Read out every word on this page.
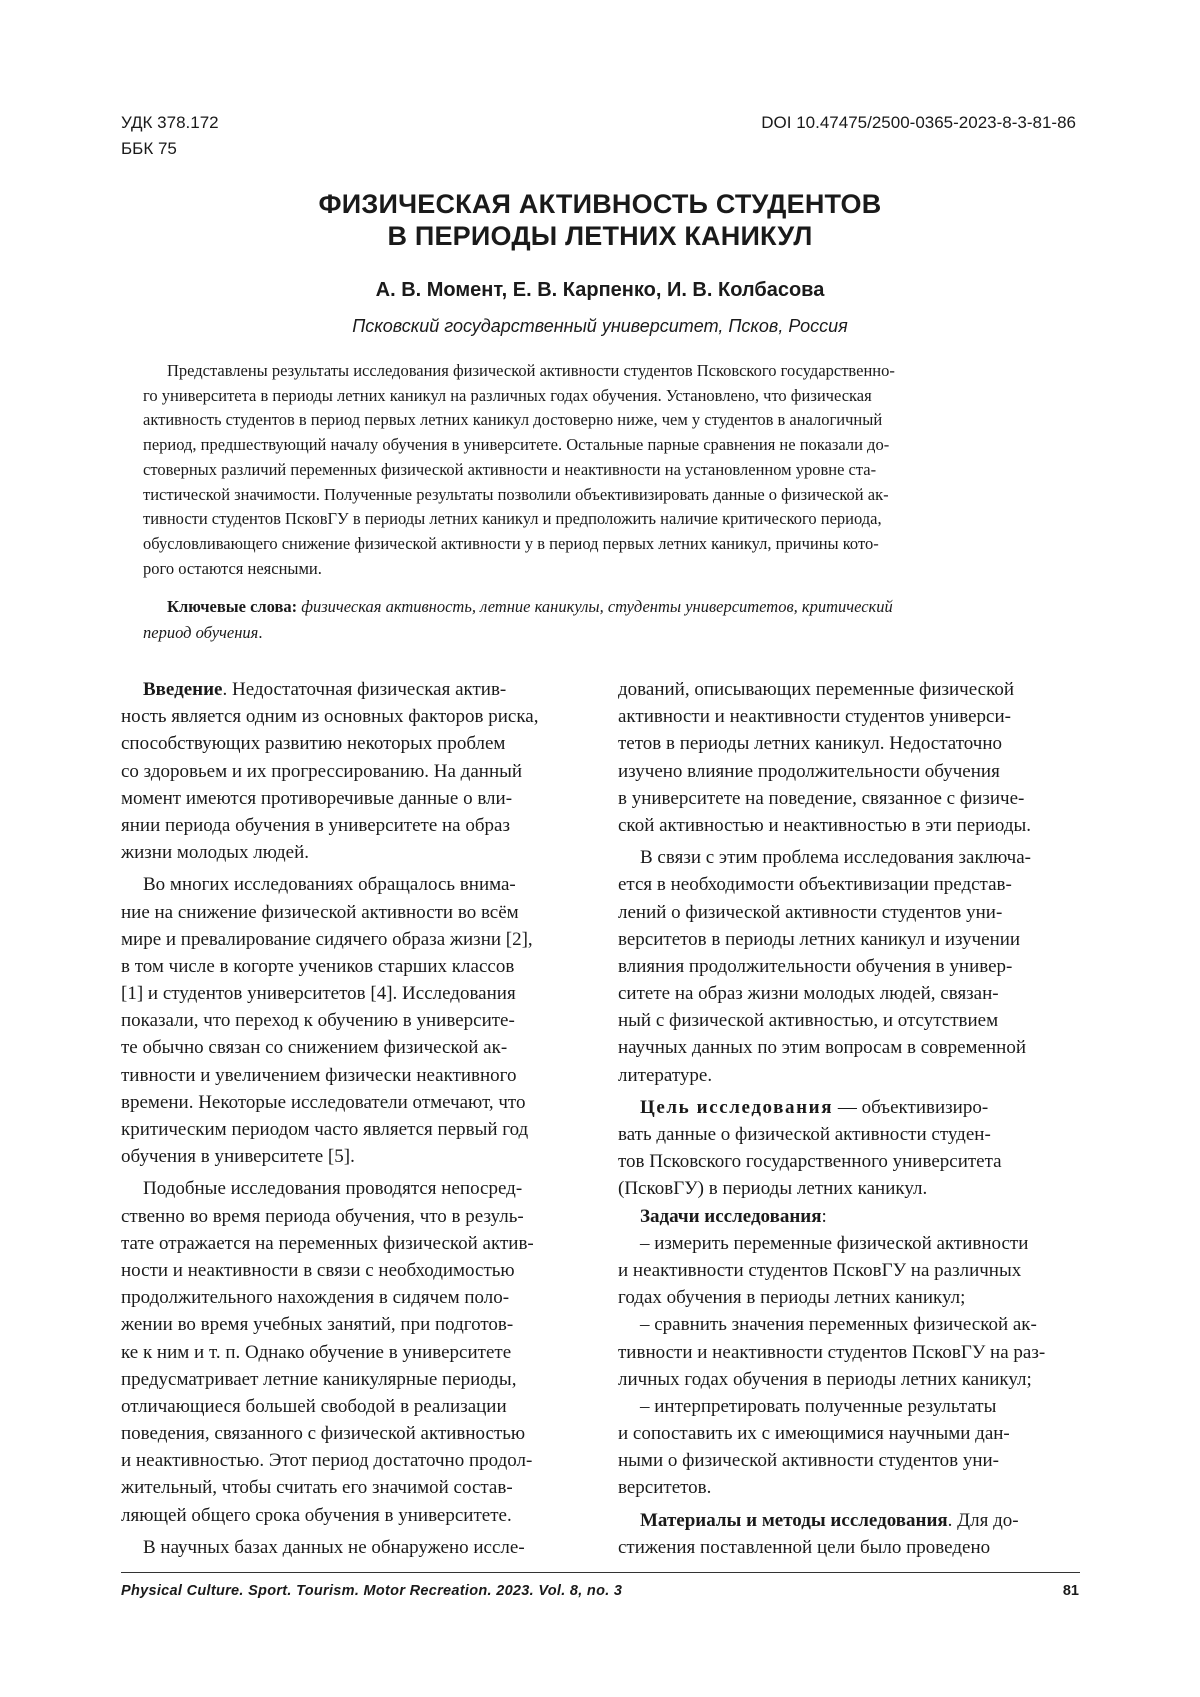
УДК 378.172
ББК 75
DOI 10.47475/2500-0365-2023-8-3-81-86
ФИЗИЧЕСКАЯ АКТИВНОСТЬ СТУДЕНТОВ
В ПЕРИОДЫ ЛЕТНИХ КАНИКУЛ
А. В. Момент, Е. В. Карпенко, И. В. Колбасова
Псковский государственный университет, Псков, Россия
Представлены результаты исследования физической активности студентов Псковского государственно-
го университета в периоды летних каникул на различных годах обучения. Установлено, что физическая
активность студентов в период первых летних каникул достоверно ниже, чем у студентов в аналогичный
период, предшествующий началу обучения в университете. Остальные парные сравнения не показали до-
стоверных различий переменных физической активности и неактивности на установленном уровне ста-
тистической значимости. Полученные результаты позволили объективизировать данные о физической ак-
тивности студентов ПсковГУ в периоды летних каникул и предположить наличие критического периода,
обусловливающего снижение физической активности у в период первых летних каникул, причины кото-
рого остаются неясными.
Ключевые слова: физическая активность, летние каникулы, студенты университетов, критический
период обучения.
Введение. Недостаточная физическая актив-
ность является одним из основных факторов риска,
способствующих развитию некоторых проблем
со здоровьем и их прогрессированию. На данный
момент имеются противоречивые данные о вли-
янии периода обучения в университете на образ
жизни молодых людей.
Во многих исследованиях обращалось внима-
ние на снижение физической активности во всём
мире и превалирование сидячего образа жизни [2],
в том числе в когорте учеников старших классов
[1] и студентов университетов [4]. Исследования
показали, что переход к обучению в университе-
те обычно связан со снижением физической ак-
тивности и увеличением физически неактивного
времени. Некоторые исследователи отмечают, что
критическим периодом часто является первый год
обучения в университете [5].
Подобные исследования проводятся непосред-
ственно во время периода обучения, что в резуль-
тате отражается на переменных физической актив-
ности и неактивности в связи с необходимостью
продолжительного нахождения в сидячем поло-
жении во время учебных занятий, при подготов-
ке к ним и т. п. Однако обучение в университете
предусматривает летние каникулярные периоды,
отличающиеся большей свободой в реализации
поведения, связанного с физической активностью
и неактивностью. Этот период достаточно продол-
жительный, чтобы считать его значимой состав-
ляющей общего срока обучения в университете.
В научных базах данных не обнаружено иссле-
дований, описывающих переменные физической
активности и неактивности студентов универси-
тетов в периоды летних каникул. Недостаточно
изучено влияние продолжительности обучения
в университете на поведение, связанное с физиче-
ской активностью и неактивностью в эти периоды.
В связи с этим проблема исследования заключа-
ется в необходимости объективизации представ-
лений о физической активности студентов уни-
верситетов в периоды летних каникул и изучении
влияния продолжительности обучения в универ-
ситете на образ жизни молодых людей, связан-
ный с физической активностью, и отсутствием
научных данных по этим вопросам в современной
литературе.
Цель исследования — объективизиро-
вать данные о физической активности студен-
тов Псковского государственного университета
(ПсковГУ) в периоды летних каникул.
Задачи исследования:
– измерить переменные физической активности
и неактивности студентов ПсковГУ на различных
годах обучения в периоды летних каникул;
– сравнить значения переменных физической ак-
тивности и неактивности студентов ПсковГУ на раз-
личных годах обучения в периоды летних каникул;
– интерпретировать полученные результаты
и сопоставить их с имеющимися научными дан-
ными о физической активности студентов уни-
верситетов.
Материалы и методы исследования. Для до-
стижения поставленной цели было проведено
Physical Culture. Sport. Tourism. Motor Recreation. 2023. Vol. 8, no. 3	81
